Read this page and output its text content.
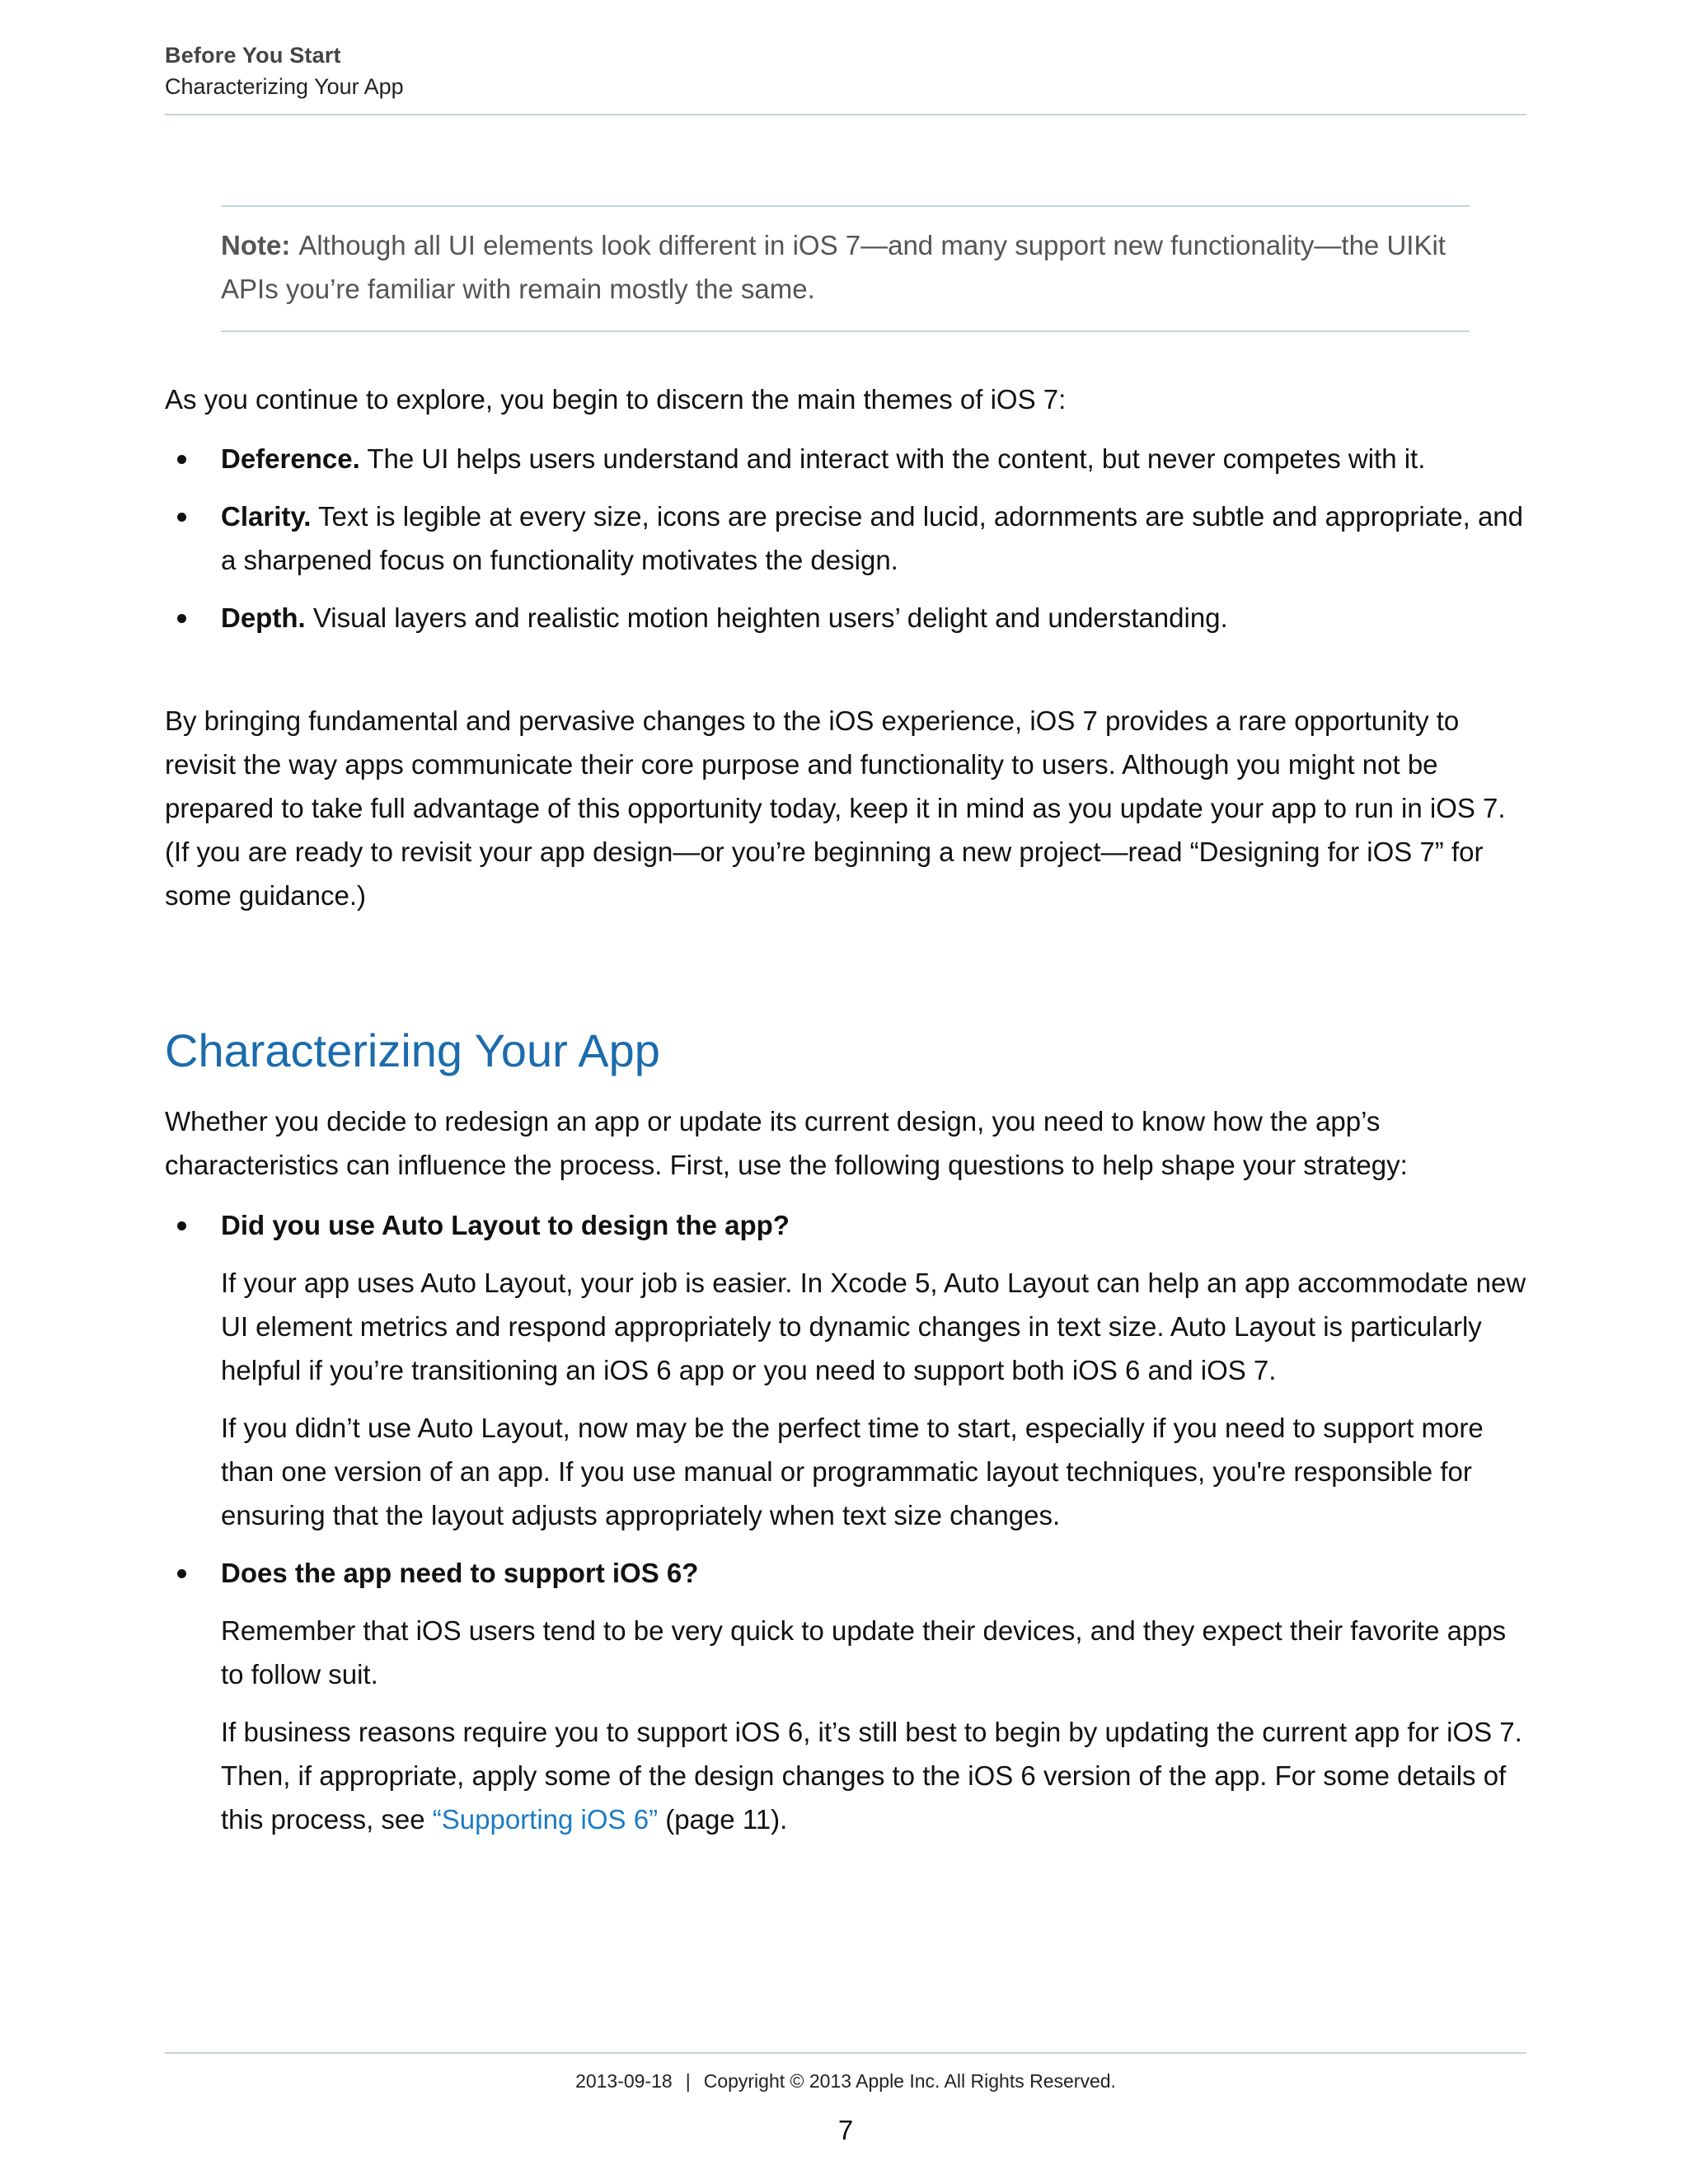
Before You Start
Characterizing Your App

Note: Although all UI elements look different in iOS 7—and many support new functionality—the UIKit APIs you’re familiar with remain mostly the same.

As you continue to explore, you begin to discern the main themes of iOS 7:

Deference. The UI helps users understand and interact with the content, but never competes with it.
Clarity. Text is legible at every size, icons are precise and lucid, adornments are subtle and appropriate, and a sharpened focus on functionality motivates the design.
Depth. Visual layers and realistic motion heighten users’ delight and understanding.

By bringing fundamental and pervasive changes to the iOS experience, iOS 7 provides a rare opportunity to revisit the way apps communicate their core purpose and functionality to users. Although you might not be prepared to take full advantage of this opportunity today, keep it in mind as you update your app to run in iOS 7. (If you are ready to revisit your app design—or you’re beginning a new project—read “Designing for iOS 7” for some guidance.)

Characterizing Your App

Whether you decide to redesign an app or update its current design, you need to know how the app’s characteristics can influence the process. First, use the following questions to help shape your strategy:

Did you use Auto Layout to design the app?

If your app uses Auto Layout, your job is easier. In Xcode 5, Auto Layout can help an app accommodate new UI element metrics and respond appropriately to dynamic changes in text size. Auto Layout is particularly helpful if you’re transitioning an iOS 6 app or you need to support both iOS 6 and iOS 7.

If you didn’t use Auto Layout, now may be the perfect time to start, especially if you need to support more than one version of an app. If you use manual or programmatic layout techniques, you're responsible for ensuring that the layout adjusts appropriately when text size changes.

Does the app need to support iOS 6?

Remember that iOS users tend to be very quick to update their devices, and they expect their favorite apps to follow suit.

If business reasons require you to support iOS 6, it’s still best to begin by updating the current app for iOS 7. Then, if appropriate, apply some of the design changes to the iOS 6 version of the app. For some details of this process, see “Supporting iOS 6” (page 11).

2013-09-18 | Copyright © 2013 Apple Inc. All Rights Reserved.
7
